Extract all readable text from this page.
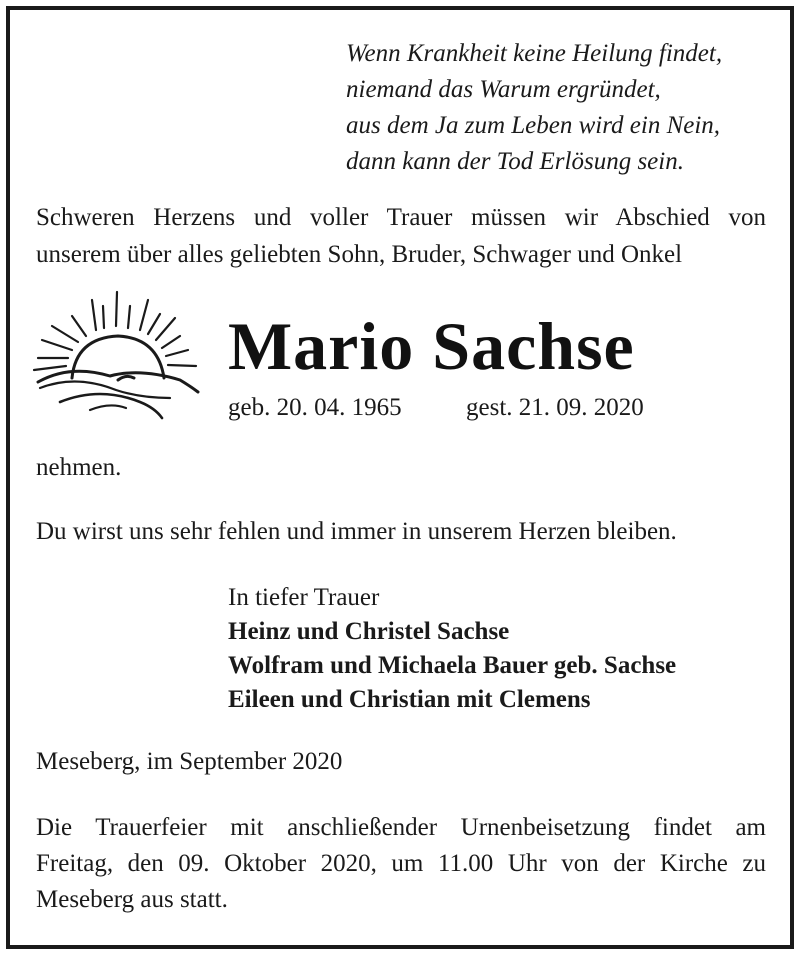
Wenn Krankheit keine Heilung findet,

niemand das Warum ergründet,

aus dem Ja zum Leben wird ein Nein,

dann kann der Tod Erlösung sein.

Schweren Herzens und voller Trauer müssen wir Abschied von

unserem über alles geliebten Sohn, Bruder, Schwager und Onkel

Mario Sachse

geb. 20. 04. 1965	gest. 21. 09. 2020

nehmen.

Du wirst uns sehr fehlen und immer in unserem Herzen bleiben.

In tiefer Trauer

Heinz und Christel Sachse

Wolfram und Michaela Bauer geb. Sachse

Eileen und Christian mit Clemens

Meseberg, im September 2020

Die Trauerfeier mit anschließender Urnenbeisetzung findet am

Freitag, den 09. Oktober 2020, um 11.00 Uhr von der Kirche zu

Meseberg aus statt.
